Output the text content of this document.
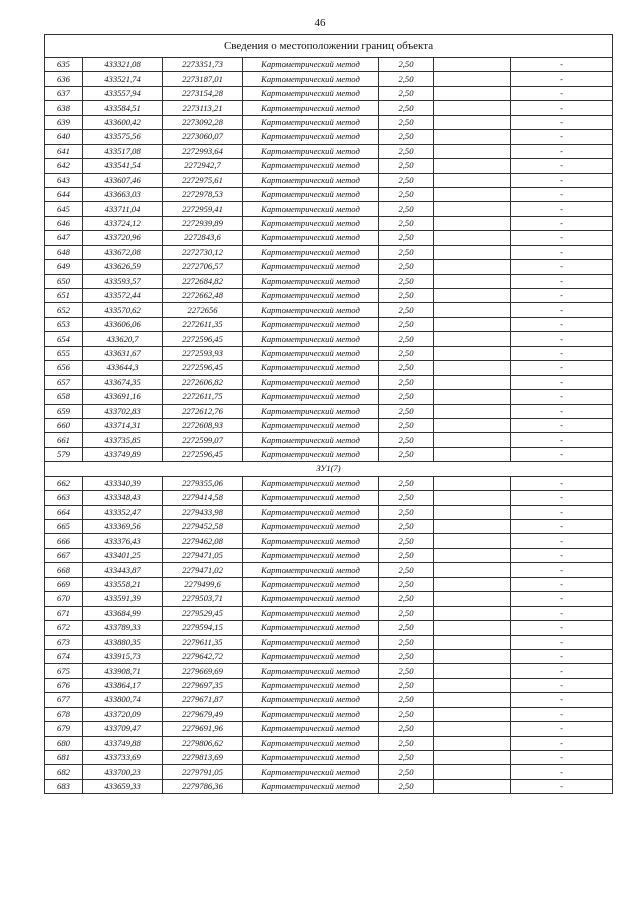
46
Сведения о местоположении границ объекта						
635	433321,08	2273351,73	Картометрический метод	2,50		-
636	433521,74	2273187,01	Картометрический метод	2,50		-
637	433557,94	2273154,28	Картометрический метод	2,50		-
638	433584,51	2273113,21	Картометрический метод	2,50		-
639	433600,42	2273092,28	Картометрический метод	2,50		-
640	433575,56	2273060,07	Картометрический метод	2,50		-
641	433517,08	2272993,64	Картометрический метод	2,50		-
642	433541,54	2272942,7	Картометрический метод	2,50		-
643	433607,46	2272975,61	Картометрический метод	2,50		-
644	433663,03	2272978,53	Картометрический метод	2,50		-
645	433711,04	2272959,41	Картометрический метод	2,50		-
646	433724,12	2272939,89	Картометрический метод	2,50		-
647	433720,96	2272843,6	Картометрический метод	2,50		-
648	433672,08	2272730,12	Картометрический метод	2,50		-
649	433626,59	2272706,57	Картометрический метод	2,50		-
650	433593,57	2272684,82	Картометрический метод	2,50		-
651	433572,44	2272662,48	Картометрический метод	2,50		-
652	433570,62	2272656	Картометрический метод	2,50		-
653	433606,06	2272611,35	Картометрический метод	2,50		-
654	433620,7	2272596,45	Картометрический метод	2,50		-
655	433631,67	2272593,93	Картометрический метод	2,50		-
656	433644,3	2272596,45	Картометрический метод	2,50		-
657	433674,35	2272606,82	Картометрический метод	2,50		-
658	433691,16	2272611,75	Картометрический метод	2,50		-
659	433702,83	2272612,76	Картометрический метод	2,50		-
660	433714,31	2272608,93	Картометрический метод	2,50		-
661	433735,85	2272599,07	Картометрический метод	2,50		-
579	433749,89	2272596,45	Картометрический метод	2,50		-
ЗУ1(7)						
662	433340,39	2279355,06	Картометрический метод	2,50		-
663	433348,43	2279414,58	Картометрический метод	2,50		-
664	433352,47	2279433,98	Картометрический метод	2,50		-
665	433369,56	2279452,58	Картометрический метод	2,50		-
666	433376,43	2279462,08	Картометрический метод	2,50		-
667	433401,25	2279471,05	Картометрический метод	2,50		-
668	433443,87	2279471,02	Картометрический метод	2,50		-
669	433558,21	2279499,6	Картометрический метод	2,50		-
670	433591,39	2279503,71	Картометрический метод	2,50		-
671	433684,99	2279529,45	Картометрический метод	2,50		-
672	433789,33	2279594,15	Картометрический метод	2,50		-
673	433880,35	2279611,35	Картометрический метод	2,50		-
674	433915,73	2279642,72	Картометрический метод	2,50		-
675	433908,71	2279669,69	Картометрический метод	2,50		-
676	433864,17	2279697,35	Картометрический метод	2,50		-
677	433800,74	2279671,87	Картометрический метод	2,50		-
678	433720,09	2279679,49	Картометрический метод	2,50		-
679	433709,47	2279691,96	Картометрический метод	2,50		-
680	433749,88	2279806,62	Картометрический метод	2,50		-
681	433733,69	2279813,69	Картометрический метод	2,50		-
682	433700,23	2279791,05	Картометрический метод	2,50		-
683	433659,33	2279786,36	Картометрический метод	2,50		-
